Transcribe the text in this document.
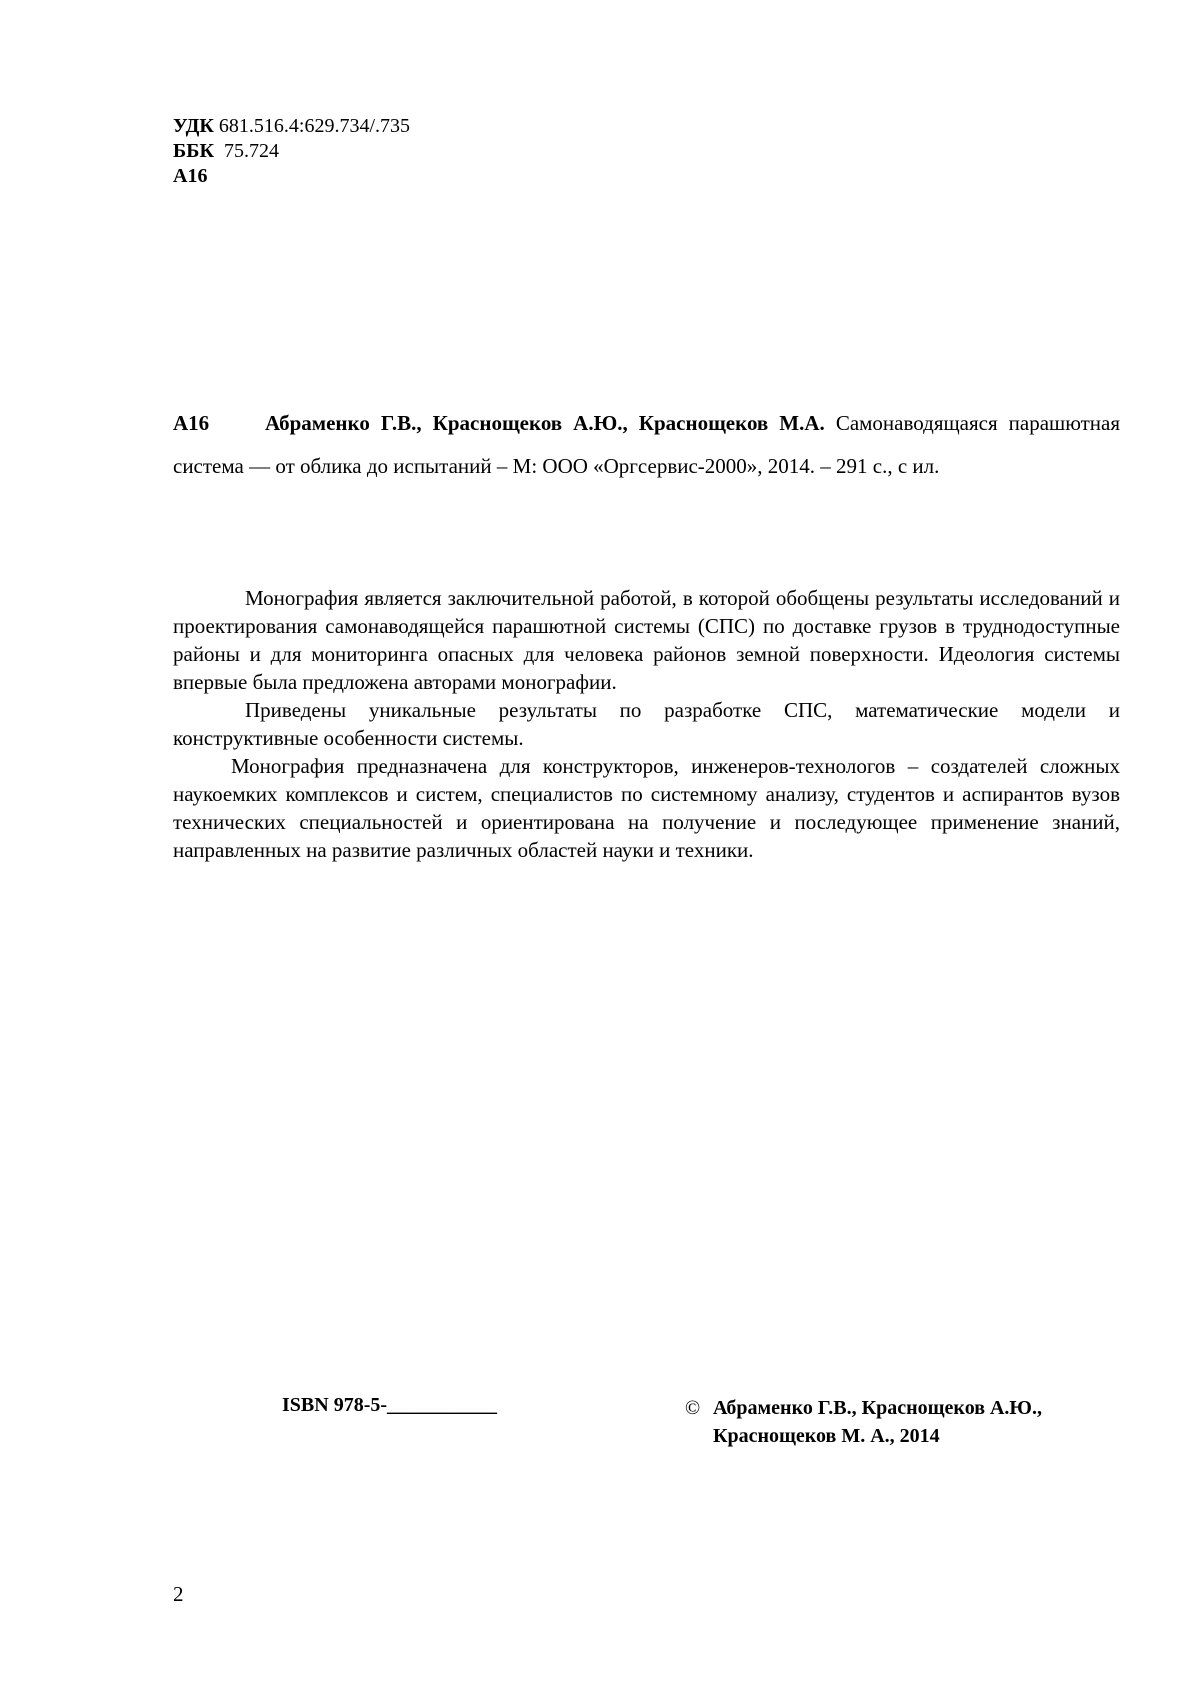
УДК 681.516.4:629.734/.735
ББК 75.724
А16
А16	Абраменко Г.В., Краснощеков А.Ю., Краснощеков М.А. Самонаводящаяся парашютная система — от облика до испытаний – М: ООО «Оргсервис-2000», 2014. – 291 с., с ил.

Монография является заключительной работой, в которой обобщены результаты исследований и проектирования самонаводящейся парашютной системы (СПС) по доставке грузов в труднодоступные районы и для мониторинга опасных для человека районов земной поверхности. Идеология системы впервые была предложена авторами монографии.

Приведены уникальные результаты по разработке СПС, математические модели и конструктивные особенности системы.

Монография предназначена для конструкторов, инженеров-технологов – создателей сложных наукоемких комплексов и систем, специалистов по системному анализу, студентов и аспирантов вузов технических специальностей и ориентирована на получение и последующее применение знаний, направленных на развитие различных областей науки и техники.

ISBN 978-5-___________	© Абраменко Г.В., Краснощеков А.Ю.,
Краснощеков М. А., 2014
2
